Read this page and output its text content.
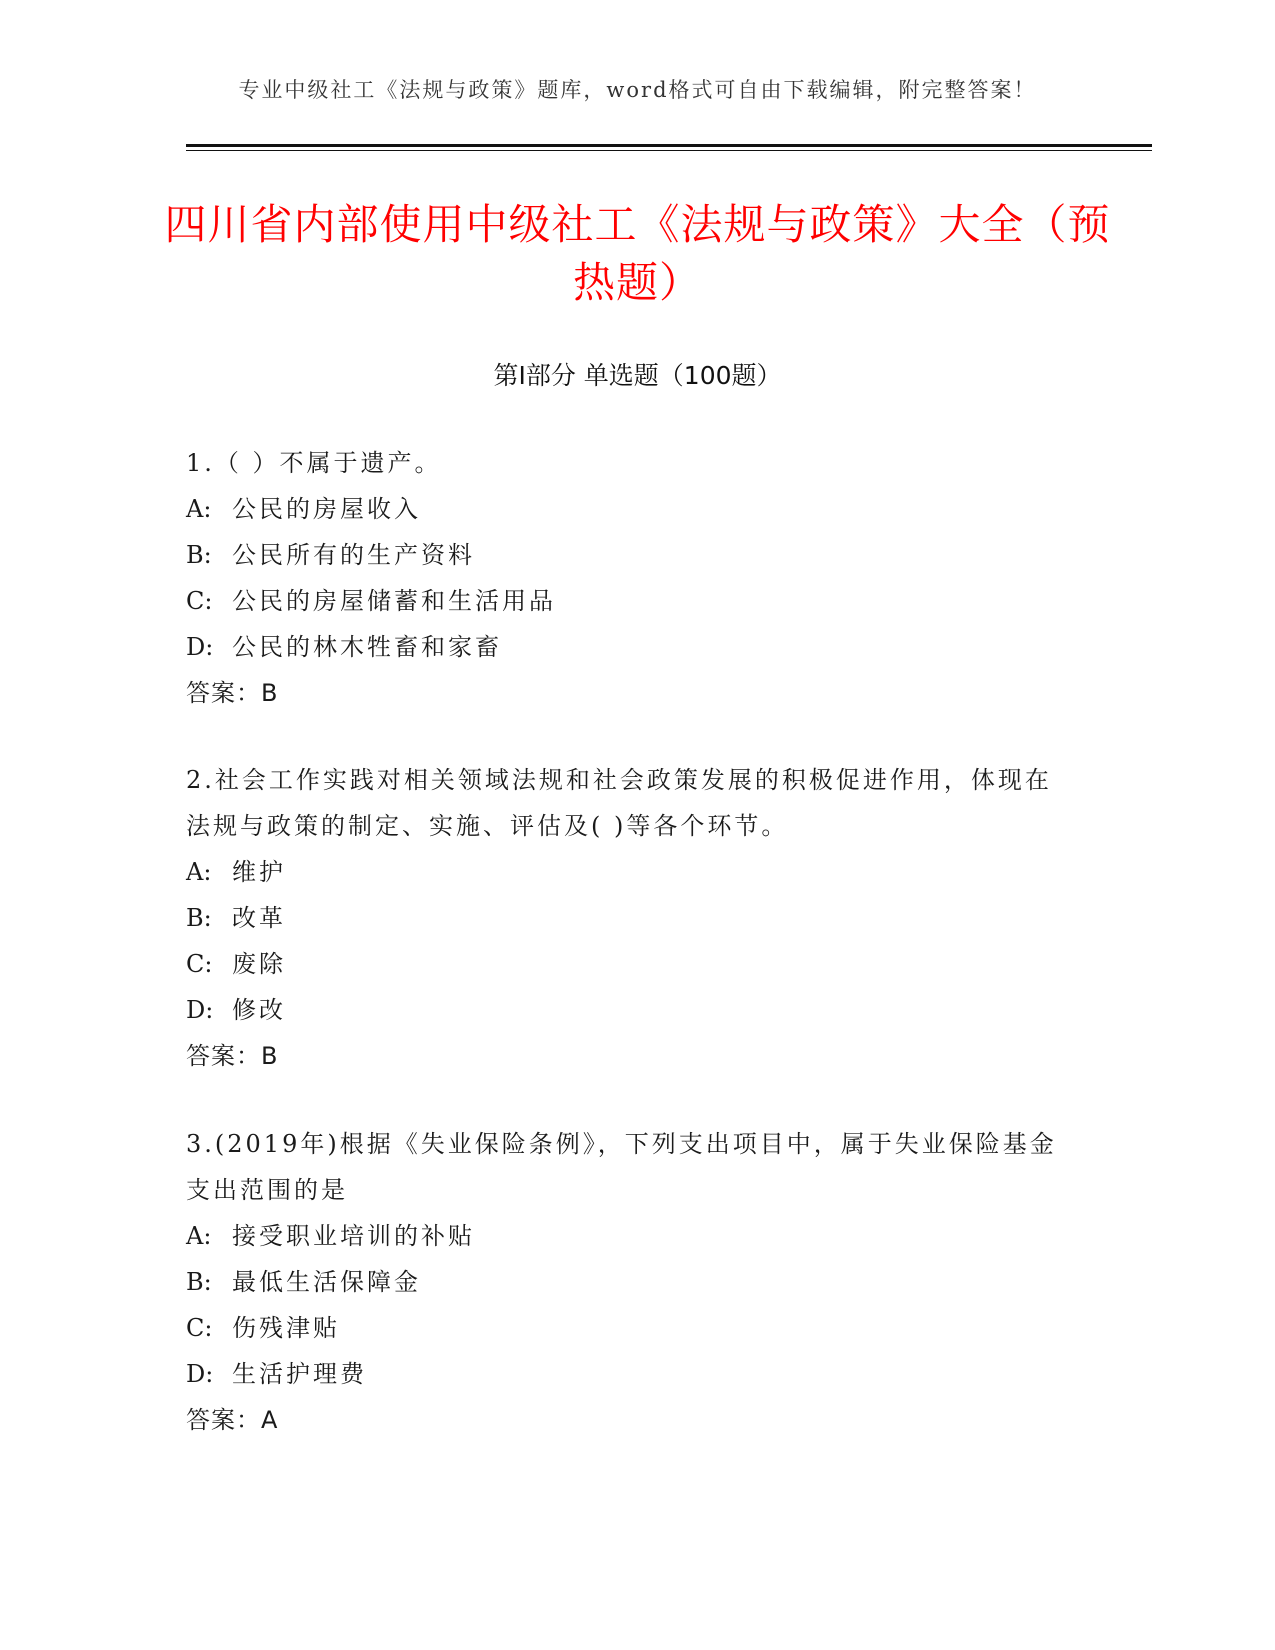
专业中级社工《法规与政策》题库，word格式可自由下载编辑，附完整答案！
四川省内部使用中级社工《法规与政策》大全（预热题）
第Ⅰ部分 单选题（100题）

1.（ ）不属于遗产。

A: 公民的房屋收入

B: 公民所有的生产资料

C: 公民的房屋储蓄和生活用品

D: 公民的林木牲畜和家畜

答案：B

2.社会工作实践对相关领域法规和社会政策发展的积极促进作用，体现在法规与政策的制定、实施、评估及( )等各个环节。

A: 维护

B: 改革

C: 废除

D: 修改

答案：B

3.(2019年)根据《失业保险条例》，下列支出项目中，属于失业保险基金支出范围的是

A: 接受职业培训的补贴

B: 最低生活保障金

C: 伤残津贴

D: 生活护理费

答案：A
